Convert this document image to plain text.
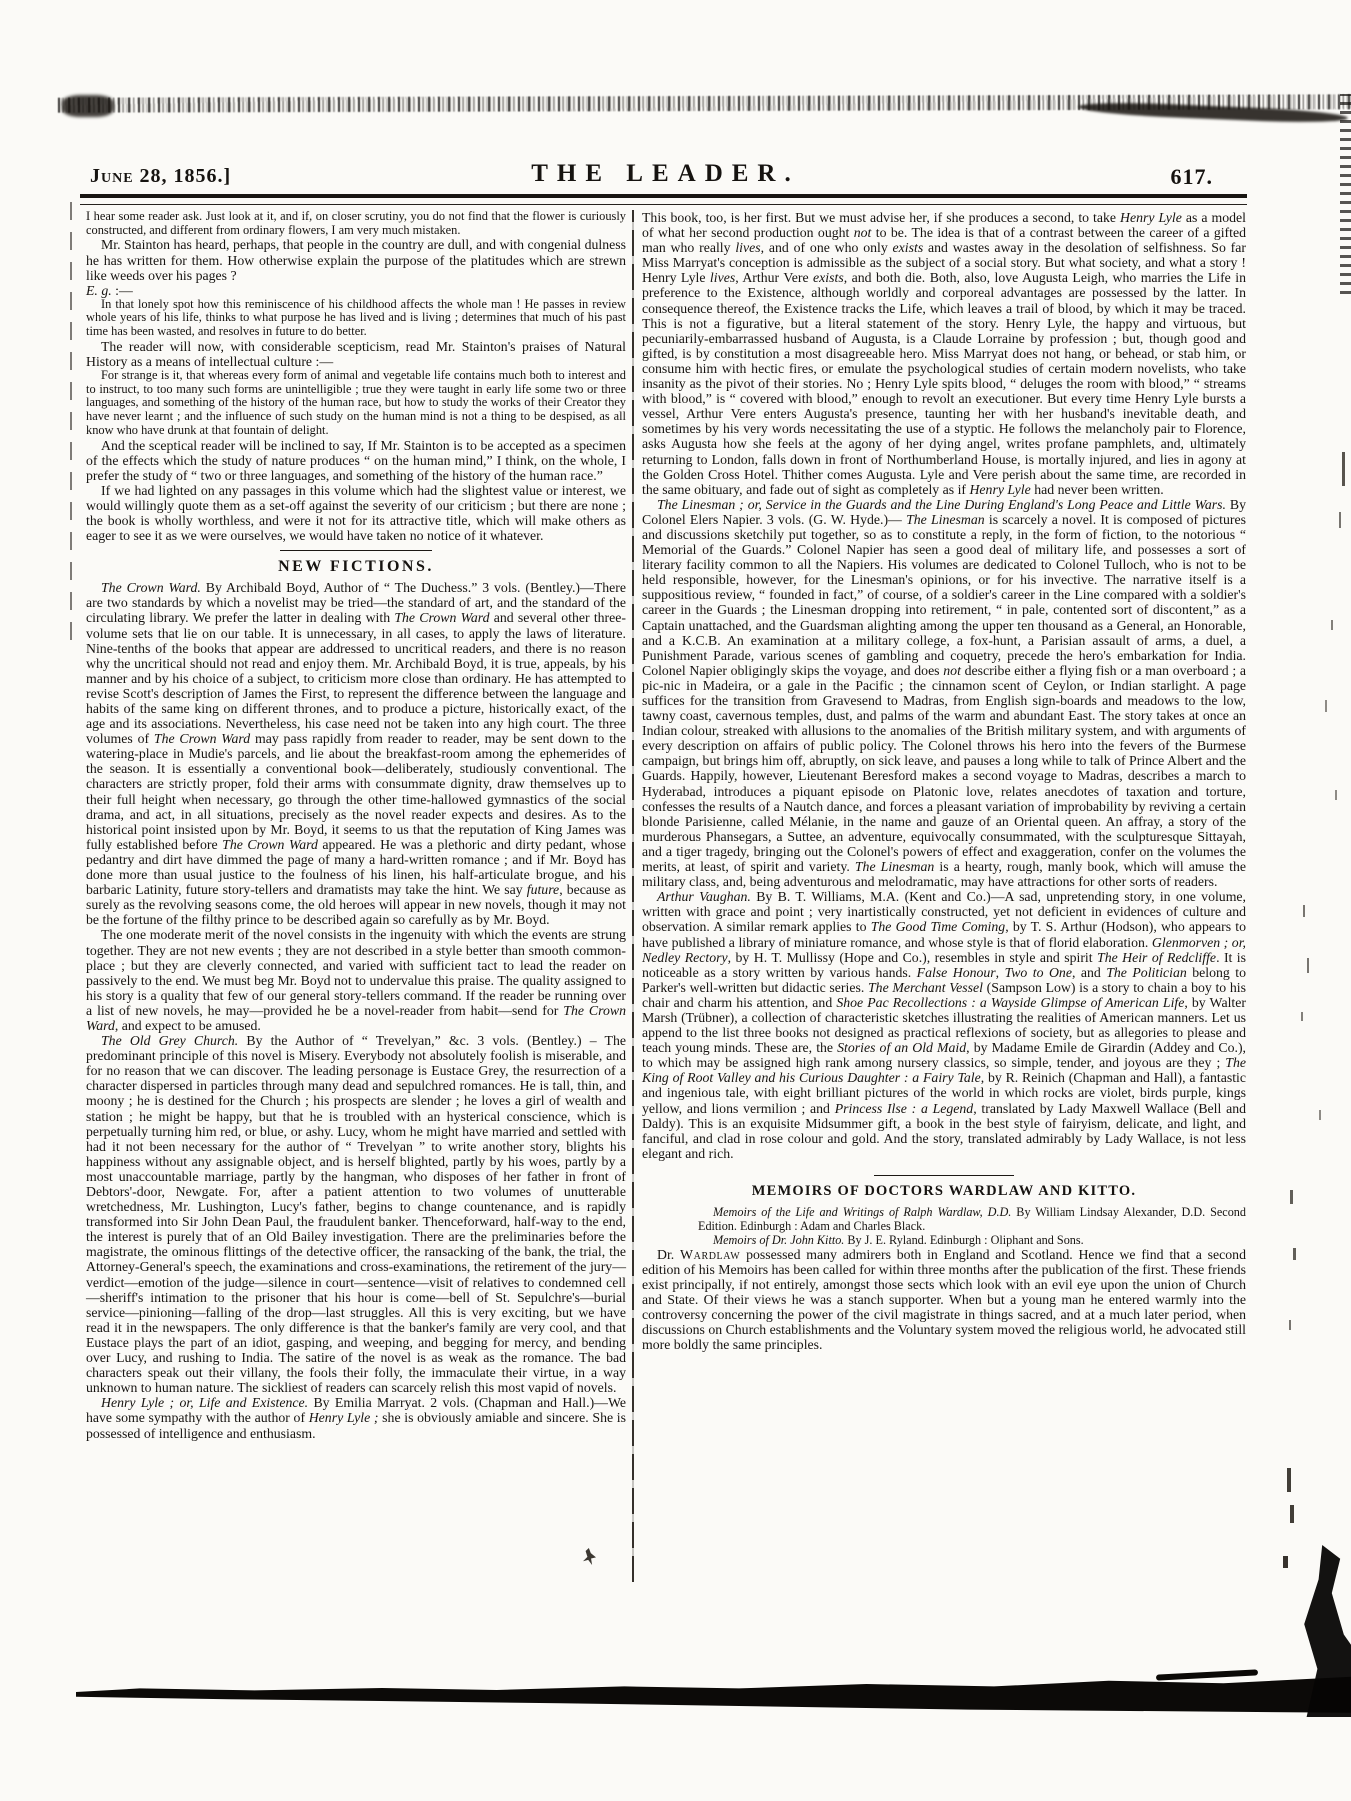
June 28, 1856.]	THE LEADER.	617.

I hear some reader ask. Just look at it, and if, on closer scrutiny, you do not find that the flower is curiously constructed, and different from ordinary flowers, I am very much mistaken.

Mr. Stainton has heard, perhaps, that people in the country are dull, and with congenial dulness he has written for them. How otherwise explain the purpose of the platitudes which are strewn like weeds over his pages ?
E. g. :—

In that lonely spot how this reminiscence of his childhood affects the whole man ! He passes in review whole years of his life, thinks to what purpose he has lived and is living ; determines that much of his past time has been wasted, and resolves in future to do better.

The reader will now, with considerable scepticism, read Mr. Stainton's praises of Natural History as a means of intellectual culture :—

For strange is it, that whereas every form of animal and vegetable life contains much both to interest and to instruct, to too many such forms are unintelligible ; true they were taught in early life some two or three languages, and something of the history of the human race, but how to study the works of their Creator they have never learnt ; and the influence of such study on the human mind is not a thing to be despised, as all know who have drunk at that fountain of delight.

And the sceptical reader will be inclined to say, If Mr. Stainton is to be accepted as a specimen of the effects which the study of nature produces “ on the human mind,” I think, on the whole, I prefer the study of “ two or three languages, and something of the history of the human race.”

If we had lighted on any passages in this volume which had the slightest value or interest, we would willingly quote them as a set-off against the severity of our criticism ; but there are none ; the book is wholly worthless, and were it not for its attractive title, which will make others as eager to see it as we were ourselves, we would have taken no notice of it whatever.

NEW FICTIONS.

The Crown Ward. By Archibald Boyd, Author of “ The Duchess.” 3 vols. (Bentley.)—There are two standards by which a novelist may be tried—the standard of art, and the standard of the circulating library. We prefer the latter in dealing with The Crown Ward and several other three-volume sets that lie on our table. It is unnecessary, in all cases, to apply the laws of literature. Nine-tenths of the books that appear are addressed to uncritical readers, and there is no reason why the uncritical should not read and enjoy them. Mr. Archibald Boyd, it is true, appeals, by his manner and by his choice of a subject, to criticism more close than ordinary. He has attempted to revise Scott's description of James the First, to represent the difference between the language and habits of the same king on different thrones, and to produce a picture, historically exact, of the age and its associations. Nevertheless, his case need not be taken into any high court. The three volumes of The Crown Ward may pass rapidly from reader to reader, may be sent down to the watering-place in Mudie's parcels, and lie about the breakfast-room among the ephemerides of the season. It is essentially a conventional book—deliberately, studiously conventional. The characters are strictly proper, fold their arms with consummate dignity, draw themselves up to their full height when necessary, go through the other time-hallowed gymnastics of the social drama, and act, in all situations, precisely as the novel reader expects and desires. As to the historical point insisted upon by Mr. Boyd, it seems to us that the reputation of King James was fully established before The Crown Ward appeared. He was a plethoric and dirty pedant, whose pedantry and dirt have dimmed the page of many a hard-written romance ; and if Mr. Boyd has done more than usual justice to the foulness of his linen, his half-articulate brogue, and his barbaric Latinity, future story-tellers and dramatists may take the hint. We say future, because as surely as the revolving seasons come, the old heroes will appear in new novels, though it may not be the fortune of the filthy prince to be described again so carefully as by Mr. Boyd.

The one moderate merit of the novel consists in the ingenuity with which the events are strung together. They are not new events ; they are not described in a style better than smooth common-place ; but they are cleverly connected, and varied with sufficient tact to lead the reader on passively to the end. We must beg Mr. Boyd not to undervalue this praise. The quality assigned to his story is a quality that few of our general story-tellers command. If the reader be running over a list of new novels, he may—provided he be a novel-reader from habit—send for The Crown Ward, and expect to be amused.

The Old Grey Church. By the Author of “ Trevelyan,” &c. 3 vols. (Bentley.) – The predominant principle of this novel is Misery. Everybody not absolutely foolish is miserable, and for no reason that we can discover. The leading personage is Eustace Grey, the resurrection of a character dispersed in particles through many dead and sepulchred romances. He is tall, thin, and moony ; he is destined for the Church ; his prospects are slender ; he loves a girl of wealth and station ; he might be happy, but that he is troubled with an hysterical conscience, which is perpetually turning him red, or blue, or ashy. Lucy, whom he might have married and settled with had it not been necessary for the author of “ Trevelyan ” to write another story, blights his happiness without any assignable object, and is herself blighted, partly by his woes, partly by a most unaccountable marriage, partly by the hangman, who disposes of her father in front of Debtors'-door, Newgate. For, after a patient attention to two volumes of unutterable wretchedness, Mr. Lushington, Lucy's father, begins to change countenance, and is rapidly transformed into Sir John Dean Paul, the fraudulent banker. Thenceforward, half-way to the end, the interest is purely that of an Old Bailey investigation. There are the preliminaries before the magistrate, the ominous flittings of the detective officer, the ransacking of the bank, the trial, the Attorney-General's speech, the examinations and cross-examinations, the retirement of the jury—verdict—emotion of the judge—silence in court—sentence—visit of relatives to condemned cell—sheriff's intimation to the prisoner that his hour is come—bell of St. Sepulchre's—burial service—pinioning—falling of the drop—last struggles. All this is very exciting, but we have read it in the newspapers. The only difference is that the banker's family are very cool, and that Eustace plays the part of an idiot, gasping, and weeping, and begging for mercy, and bending over Lucy, and rushing to India. The satire of the novel is as weak as the romance. The bad characters speak out their villany, the fools their folly, the immaculate their virtue, in a way unknown to human nature. The sickliest of readers can scarcely relish this most vapid of novels.

Henry Lyle ; or, Life and Existence. By Emilia Marryat. 2 vols. (Chapman and Hall.)—We have some sympathy with the author of Henry Lyle ; she is obviously amiable and sincere. She is possessed of intelligence and enthusiasm.

This book, too, is her first. But we must advise her, if she produces a second, to take Henry Lyle as a model of what her second production ought not to be. The idea is that of a contrast between the career of a gifted man who really lives, and of one who only exists and wastes away in the desolation of selfishness. So far Miss Marryat's conception is admissible as the subject of a social story. But what society, and what a story ! Henry Lyle lives, Arthur Vere exists, and both die. Both, also, love Augusta Leigh, who marries the Life in preference to the Existence, although worldly and corporeal advantages are possessed by the latter. In consequence thereof, the Existence tracks the Life, which leaves a trail of blood, by which it may be traced. This is not a figurative, but a literal statement of the story. Henry Lyle, the happy and virtuous, but pecuniarily-embarrassed husband of Augusta, is a Claude Lorraine by profession ; but, though good and gifted, is by constitution a most disagreeable hero. Miss Marryat does not hang, or behead, or stab him, or consume him with hectic fires, or emulate the psychological studies of certain modern novelists, who take insanity as the pivot of their stories. No ; Henry Lyle spits blood, “ deluges the room with blood,” “ streams with blood,” is “ covered with blood,” enough to revolt an executioner. But every time Henry Lyle bursts a vessel, Arthur Vere enters Augusta's presence, taunting her with her husband's inevitable death, and sometimes by his very words necessitating the use of a styptic. He follows the melancholy pair to Florence, asks Augusta how she feels at the agony of her dying angel, writes profane pamphlets, and, ultimately returning to London, falls down in front of Northumberland House, is mortally injured, and lies in agony at the Golden Cross Hotel. Thither comes Augusta. Lyle and Vere perish about the same time, are recorded in the same obituary, and fade out of sight as completely as if Henry Lyle had never been written.

The Linesman ; or, Service in the Guards and the Line During England's Long Peace and Little Wars. By Colonel Elers Napier. 3 vols. (G. W. Hyde.)— The Linesman is scarcely a novel. It is composed of pictures and discussions sketchily put together, so as to constitute a reply, in the form of fiction, to the notorious “ Memorial of the Guards.” Colonel Napier has seen a good deal of military life, and possesses a sort of literary facility common to all the Napiers. His volumes are dedicated to Colonel Tulloch, who is not to be held responsible, however, for the Linesman's opinions, or for his invective. The narrative itself is a suppositious review, “ founded in fact,” of course, of a soldier's career in the Line compared with a soldier's career in the Guards ; the Linesman dropping into retirement, “ in pale, contented sort of discontent,” as a Captain unattached, and the Guardsman alighting among the upper ten thousand as a General, an Honorable, and a K.C.B. An examination at a military college, a fox-hunt, a Parisian assault of arms, a duel, a Punishment Parade, various scenes of gambling and coquetry, precede the hero's embarkation for India. Colonel Napier obligingly skips the voyage, and does not describe either a flying fish or a man overboard ; a pic-nic in Madeira, or a gale in the Pacific ; the cinnamon scent of Ceylon, or Indian starlight. A page suffices for the transition from Gravesend to Madras, from English sign-boards and meadows to the low, tawny coast, cavernous temples, dust, and palms of the warm and abundant East. The story takes at once an Indian colour, streaked with allusions to the anomalies of the British military system, and with arguments of every description on affairs of public policy. The Colonel throws his hero into the fevers of the Burmese campaign, but brings him off, abruptly, on sick leave, and pauses a long while to talk of Prince Albert and the Guards. Happily, however, Lieutenant Beresford makes a second voyage to Madras, describes a march to Hyderabad, introduces a piquant episode on Platonic love, relates anecdotes of taxation and torture, confesses the results of a Nautch dance, and forces a pleasant variation of improbability by reviving a certain blonde Parisienne, called Mélanie, in the name and gauze of an Oriental queen. An affray, a story of the murderous Phansegars, a Suttee, an adventure, equivocally consummated, with the sculpturesque Sittayah, and a tiger tragedy, bringing out the Colonel's powers of effect and exaggeration, confer on the volumes the merits, at least, of spirit and variety. The Linesman is a hearty, rough, manly book, which will amuse the military class, and, being adventurous and melodramatic, may have attractions for other sorts of readers.

Arthur Vaughan. By B. T. Williams, M.A. (Kent and Co.)—A sad, unpretending story, in one volume, written with grace and point ; very inartistically constructed, yet not deficient in evidences of culture and observation. A similar remark applies to The Good Time Coming, by T. S. Arthur (Hodson), who appears to have published a library of miniature romance, and whose style is that of florid elaboration. Glenmorven ; or, Nedley Rectory, by H. T. Mullissy (Hope and Co.), resembles in style and spirit The Heir of Redcliffe. It is noticeable as a story written by various hands. False Honour, Two to One, and The Politician belong to Parker's well-written but didactic series. The Merchant Vessel (Sampson Low) is a story to chain a boy to his chair and charm his attention, and Shoe Pac Recollections : a Wayside Glimpse of American Life, by Walter Marsh (Trübner), a collection of characteristic sketches illustrating the realities of American manners. Let us append to the list three books not designed as practical reflexions of society, but as allegories to please and teach young minds. These are, the Stories of an Old Maid, by Madame Emile de Girardin (Addey and Co.), to which may be assigned high rank among nursery classics, so simple, tender, and joyous are they ; The King of Root Valley and his Curious Daughter : a Fairy Tale, by R. Reinich (Chapman and Hall), a fantastic and ingenious tale, with eight brilliant pictures of the world in which rocks are violet, birds purple, kings yellow, and lions vermilion ; and Princess Ilse : a Legend, translated by Lady Maxwell Wallace (Bell and Daldy). This is an exquisite Midsummer gift, a book in the best style of fairyism, delicate, and light, and fanciful, and clad in rose colour and gold. And the story, translated admirably by Lady Wallace, is not less elegant and rich.

MEMOIRS OF DOCTORS WARDLAW AND KITTO.

Memoirs of the Life and Writings of Ralph Wardlaw, D.D. By William Lindsay Alexander, D.D. Second Edition. Edinburgh : Adam and Charles Black.

Memoirs of Dr. John Kitto. By J. E. Ryland. Edinburgh : Oliphant and Sons.

Dr. Wardlaw possessed many admirers both in England and Scotland. Hence we find that a second edition of his Memoirs has been called for within three months after the publication of the first. These friends exist principally, if not entirely, amongst those sects which look with an evil eye upon the union of Church and State. Of their views he was a stanch supporter. When but a young man he entered warmly into the controversy concerning the power of the civil magistrate in things sacred, and at a much later period, when discussions on Church establishments and the Voluntary system moved the religious world, he advocated still more boldly the same principles.
